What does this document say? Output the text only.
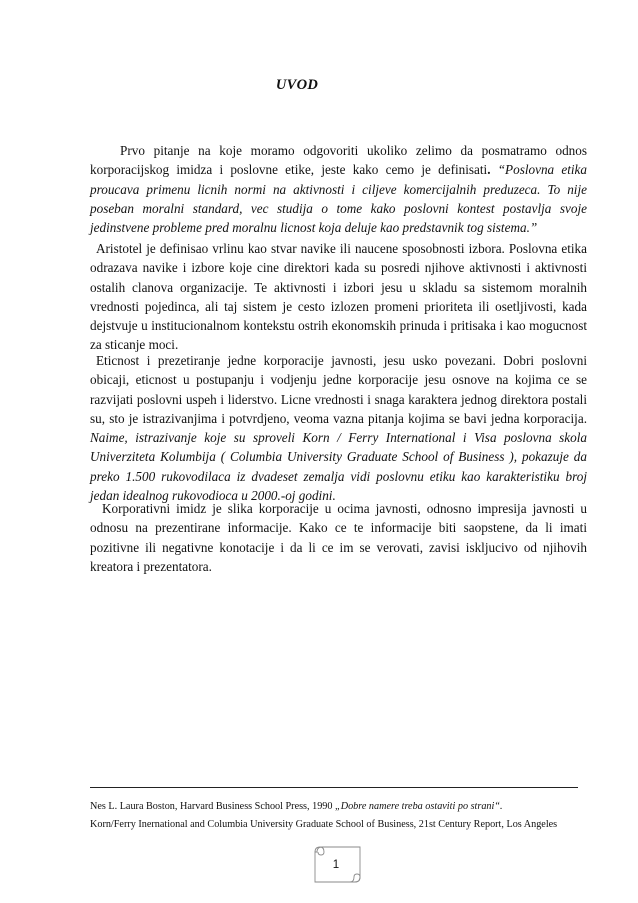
UVOD

Prvo pitanje na koje moramo odgovoriti ukoliko zelimo da posmatramo odnos korporacijskog imidza i poslovne etike, jeste kako cemo je definisati. “Poslovna etika proucava primenu licnih normi na aktivnosti i ciljeve komercijalnih preduzeca. To nije poseban moralni standard, vec studija o tome kako poslovni kontest postavlja svoje jedinstvene probleme pred moralnu licnost koja deluje kao predstavnik tog sistema.”

Aristotel je definisao vrlinu kao stvar navike ili naucene sposobnosti izbora. Poslovna etika odrazava navike i izbore koje cine direktori kada su posredi njihove aktivnosti i aktivnosti ostalih clanova organizacije. Te aktivnosti i izbori jesu u skladu sa sistemom moralnih vrednosti pojedinca, ali taj sistem je cesto izlozen promeni prioriteta ili osetljivosti, kada dejstvuje u institucionalnom kontekstu ostrih ekonomskih prinuda i pritisaka i kao mogucnost za sticanje moci.

Eticnost i prezetiranje jedne korporacije javnosti, jesu usko povezani. Dobri poslovni obicaji, eticnost u postupanju i vodjenju jedne korporacije jesu osnove na kojima ce se razvijati poslovni uspeh i liderstvo. Licne vrednosti i snaga karaktera jednog direktora postali su, sto je istrazivanjima i potvrdjeno, veoma vazna pitanja kojima se bavi jedna korporacija. Naime, istrazivanje koje su sproveli Korn / Ferry International i Visa poslovna skola Univerziteta Kolumbija ( Columbia University Graduate School of Business ), pokazuje da preko 1.500 rukovodilaca iz dvadeset zemalja vidi poslovnu etiku kao karakteristiku broj jedan idealnog rukovodioca u 2000.-oj godini.

Korporativni imidz je slika korporacije u ocima javnosti, odnosno impresija javnosti u odnosu na prezentirane informacije. Kako ce te informacije biti saopstene, da li imati pozitivne ili negativne konotacije i da li ce im se verovati, zavisi iskljucivo od njihovih kreatora i prezentatora.

Nes L. Laura Boston, Harvard Business School Press, 1990 „Dobre namere treba ostaviti po strani“.

Korn/Ferry Inernational and Columbia University Graduate School of Business, 21st Century Report, Los Angeles

1
